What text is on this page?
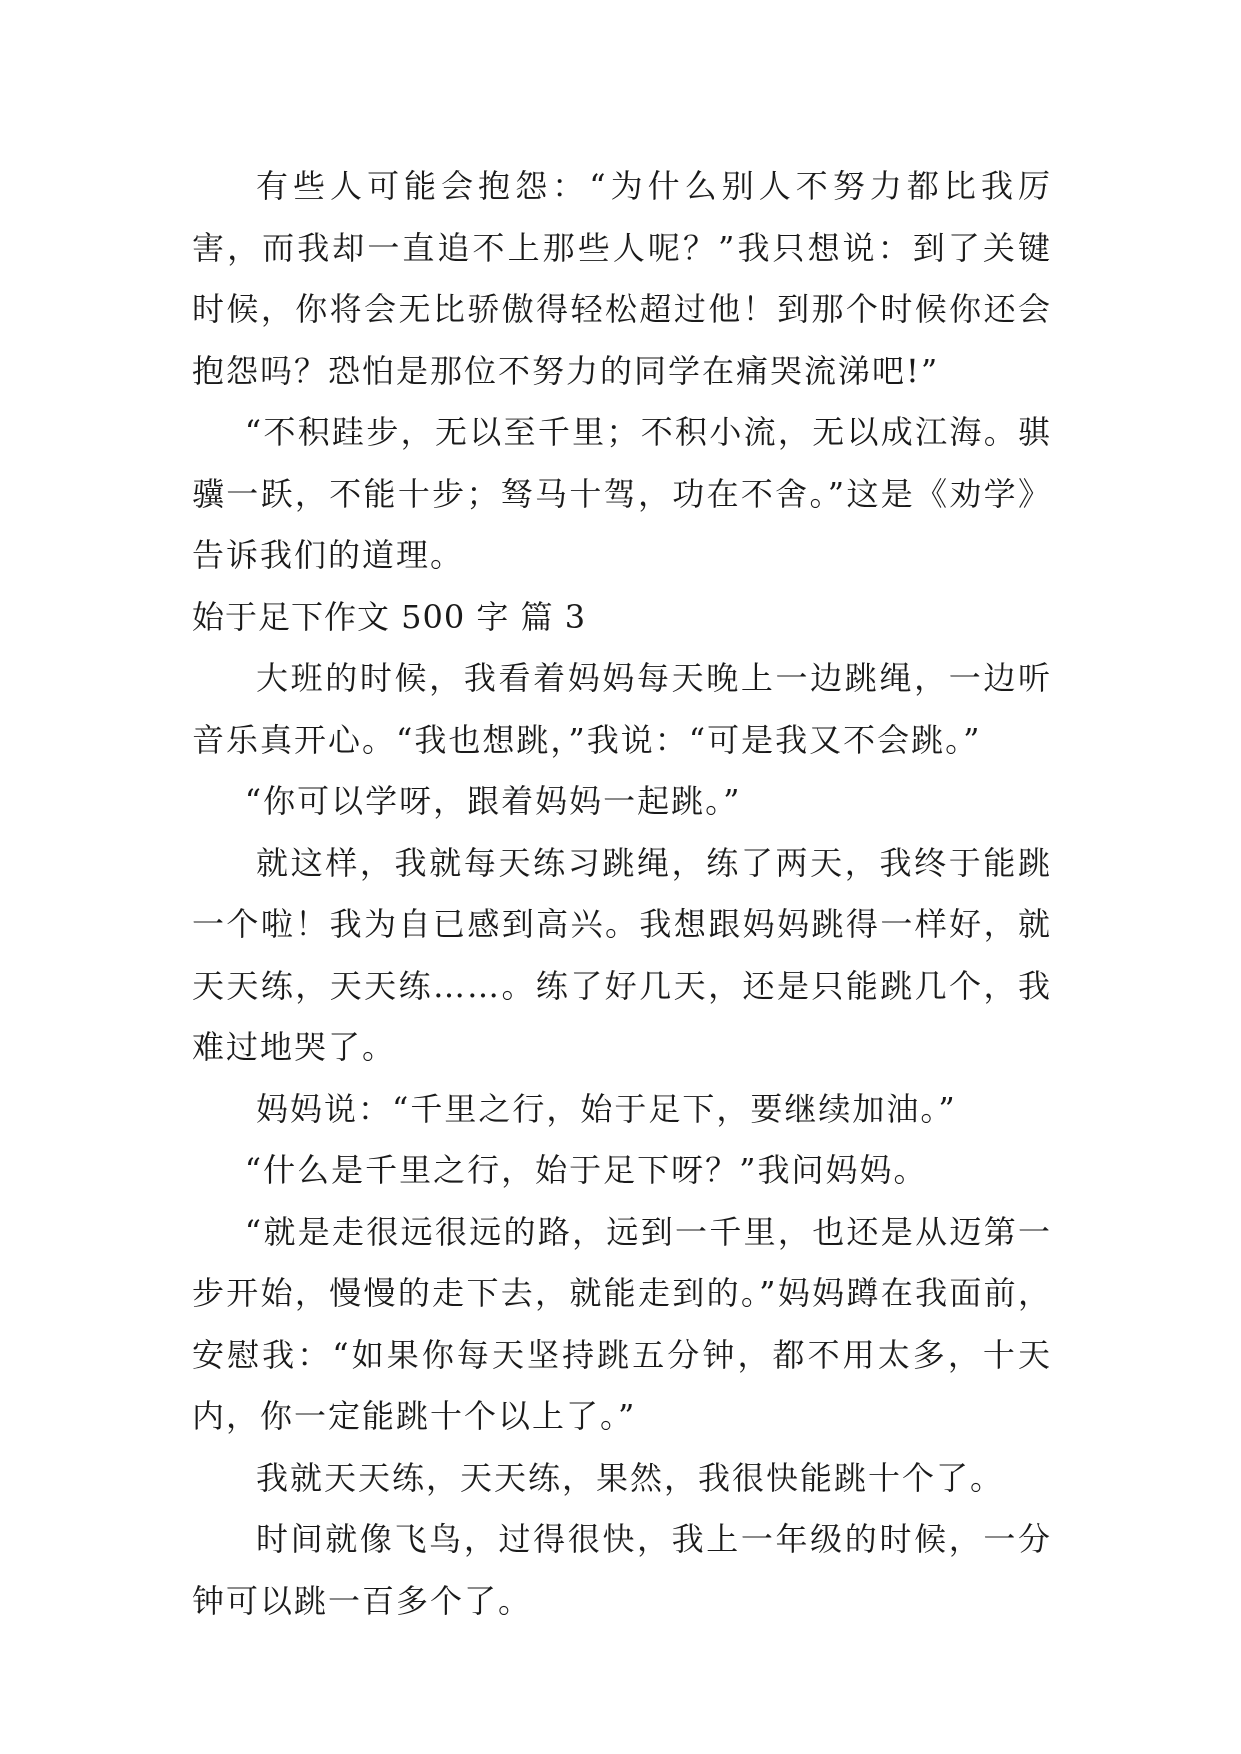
有些人可能会抱怨：“为什么别人不努力都比我厉害，而我却一直追不上那些人呢？”我只想说：到了关键时候，你将会无比骄傲得轻松超过他！到那个时候你还会抱怨吗？恐怕是那位不努力的同学在痛哭流涕吧!”

“不积跬步，无以至千里；不积小流，无以成江海。骐骥一跃，不能十步；驽马十驾，功在不舍。”这是《劝学》告诉我们的道理。

始于足下作文 500 字 篇 3

大班的时候，我看着妈妈每天晚上一边跳绳，一边听音乐真开心。“我也想跳，”我说：“可是我又不会跳。”

“你可以学呀，跟着妈妈一起跳。”

就这样，我就每天练习跳绳，练了两天，我终于能跳一个啦！我为自已感到高兴。我想跟妈妈跳得一样好，就天天练，天天练……。练了好几天，还是只能跳几个，我难过地哭了。

妈妈说：“千里之行，始于足下，要继续加油。”

“什么是千里之行，始于足下呀？”我问妈妈。

“就是走很远很远的路，远到一千里，也还是从迈第一步开始，慢慢的走下去，就能走到的。”妈妈蹲在我面前，安慰我：“如果你每天坚持跳五分钟，都不用太多，十天内，你一定能跳十个以上了。”

我就天天练，天天练，果然，我很快能跳十个了。

时间就像飞鸟，过得很快，我上一年级的时候，一分钟可以跳一百多个了。
